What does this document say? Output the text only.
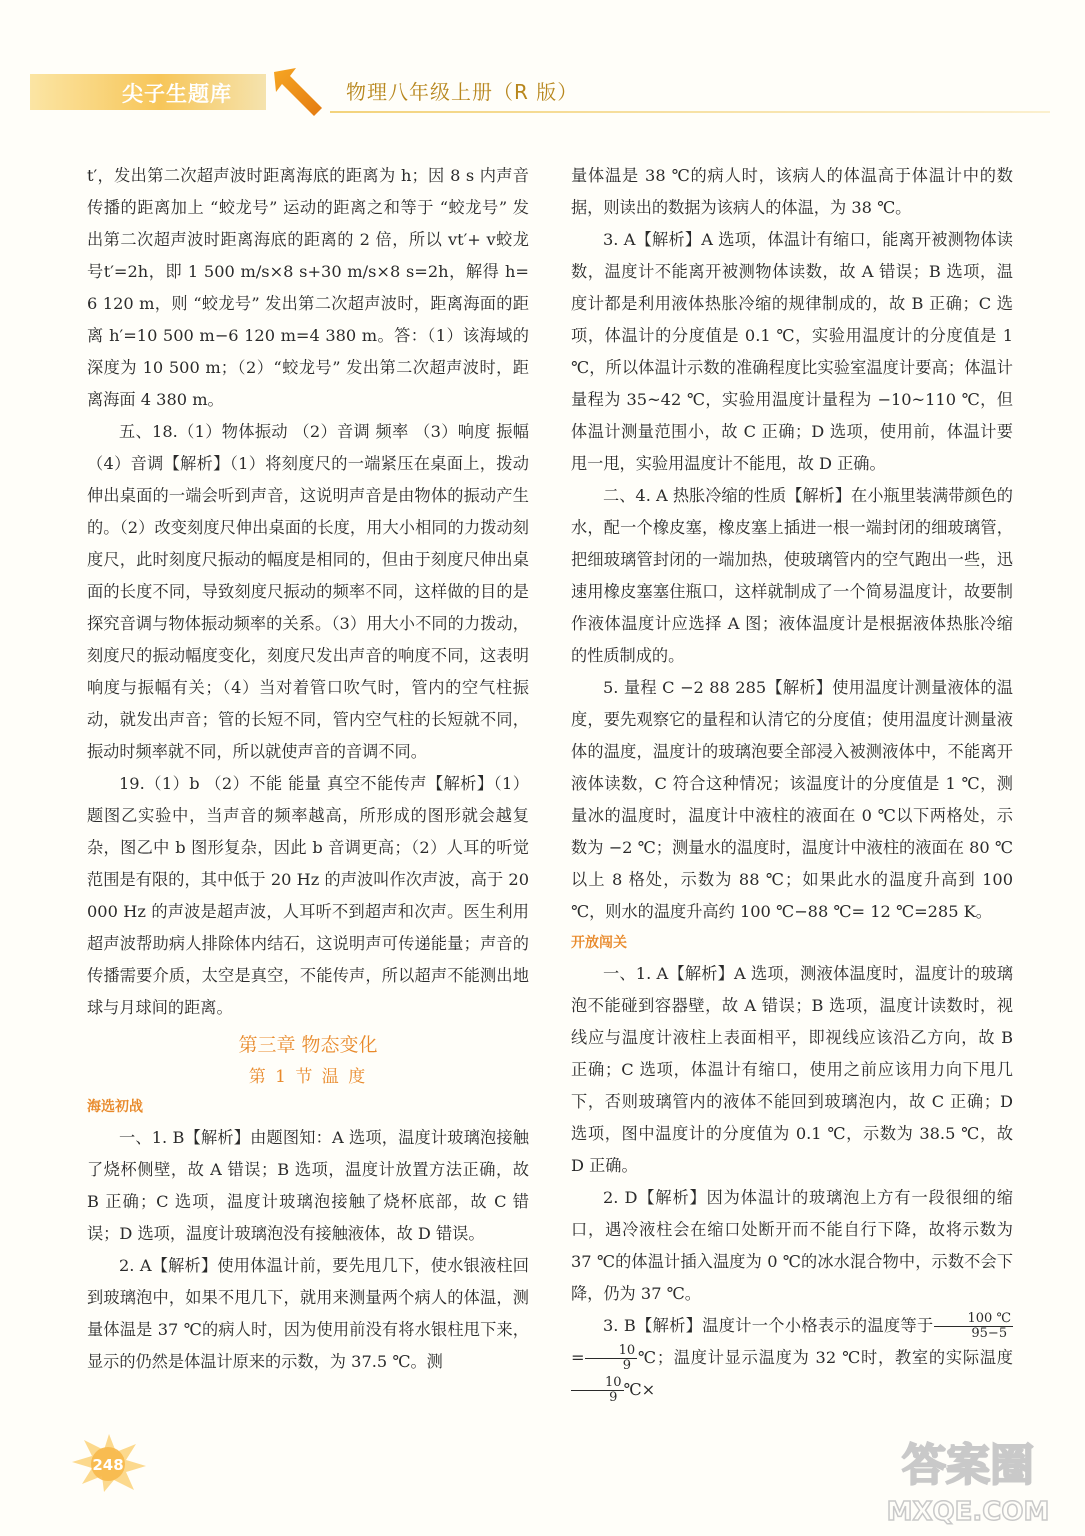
尖子生题库	物理八年级上册（R 版）

t′，发出第二次超声波时距离海底的距离为 h；因 8 s 内声音传播的距离加上 “蛟龙号” 运动的距离之和等于 “蛟龙号” 发出第二次超声波时距离海底的距离的 2 倍，所以 vt′+ v蛟龙号t′=2h，即 1 500 m/s×8 s+30 m/s×8 s=2h，解得 h= 6 120 m，则 “蛟龙号” 发出第二次超声波时，距离海面的距离 h′=10 500 m−6 120 m=4 380 m。答：（1）该海域的深度为 10 500 m；（2）“蛟龙号” 发出第二次超声波时，距离海面 4 380 m。

五、18.（1）物体振动 （2）音调 频率 （3）响度 振幅 （4）音调【解析】（1）将刻度尺的一端紧压在桌面上，拨动伸出桌面的一端会听到声音，这说明声音是由物体的振动产生的。（2）改变刻度尺伸出桌面的长度，用大小相同的力拨动刻度尺，此时刻度尺振动的幅度是相同的，但由于刻度尺伸出桌面的长度不同，导致刻度尺振动的频率不同，这样做的目的是探究音调与物体振动频率的关系。（3）用大小不同的力拨动，刻度尺的振动幅度变化，刻度尺发出声音的响度不同，这表明响度与振幅有关；（4）当对着管口吹气时，管内的空气柱振动，就发出声音；管的长短不同，管内空气柱的长短就不同，振动时频率就不同，所以就使声音的音调不同。

19.（1）b （2）不能 能量 真空不能传声【解析】（1）题图乙实验中，当声音的频率越高，所形成的图形就会越复杂，图乙中 b 图形复杂，因此 b 音调更高；（2）人耳的听觉范围是有限的，其中低于 20 Hz 的声波叫作次声波，高于 20 000 Hz 的声波是超声波，人耳听不到超声和次声。医生利用超声波帮助病人排除体内结石，这说明声可传递能量；声音的传播需要介质，太空是真空，不能传声，所以超声不能测出地球与月球间的距离。

第三章 物态变化
第 1 节 温 度
海选初战

一、1. B【解析】由题图知：A 选项，温度计玻璃泡接触了烧杯侧壁，故 A 错误；B 选项，温度计放置方法正确，故 B 正确；C 选项，温度计玻璃泡接触了烧杯底部，故 C 错误；D 选项，温度计玻璃泡没有接触液体，故 D 错误。

2. A【解析】使用体温计前，要先甩几下，使水银液柱回到玻璃泡中，如果不甩几下，就用来测量两个病人的体温，测量体温是 37 ℃的病人时，因为使用前没有将水银柱甩下来，显示的仍然是体温计原来的示数，为 37.5 ℃。测

量体温是 38 ℃的病人时，该病人的体温高于体温计中的数据，则读出的数据为该病人的体温，为 38 ℃。

3. A【解析】A 选项，体温计有缩口，能离开被测物体读数，温度计不能离开被测物体读数，故 A 错误；B 选项，温度计都是利用液体热胀冷缩的规律制成的，故 B 正确；C 选项，体温计的分度值是 0.1 ℃，实验用温度计的分度值是 1 ℃，所以体温计示数的准确程度比实验室温度计要高；体温计量程为 35~42 ℃，实验用温度计量程为 −10~110 ℃，但体温计测量范围小，故 C 正确；D 选项，使用前，体温计要甩一甩，实验用温度计不能甩，故 D 正确。

二、4. A 热胀冷缩的性质【解析】在小瓶里装满带颜色的水，配一个橡皮塞，橡皮塞上插进一根一端封闭的细玻璃管，把细玻璃管封闭的一端加热，使玻璃管内的空气跑出一些，迅速用橡皮塞塞住瓶口，这样就制成了一个简易温度计，故要制作液体温度计应选择 A 图；液体温度计是根据液体热胀冷缩的性质制成的。

5. 量程 C −2 88 285【解析】使用温度计测量液体的温度，要先观察它的量程和认清它的分度值；使用温度计测量液体的温度，温度计的玻璃泡要全部浸入被测液体中，不能离开液体读数，C 符合这种情况；该温度计的分度值是 1 ℃，测量冰的温度时，温度计中液柱的液面在 0 ℃以下两格处，示数为 −2 ℃；测量水的温度时，温度计中液柱的液面在 80 ℃以上 8 格处，示数为 88 ℃；如果此水的温度升高到 100 ℃，则水的温度升高约 100 ℃−88 ℃= 12 ℃=285 K。

开放闯关

一、1. A【解析】A 选项，测液体温度时，温度计的玻璃泡不能碰到容器壁，故 A 错误；B 选项，温度计读数时，视线应与温度计液柱上表面相平，即视线应该沿乙方向，故 B 正确；C 选项，体温计有缩口，使用之前应该用力向下甩几下，否则玻璃管内的液体不能回到玻璃泡内，故 C 正确；D 选项，图中温度计的分度值为 0.1 ℃，示数为 38.5 ℃，故 D 正确。

2. D【解析】因为体温计的玻璃泡上方有一段很细的缩口，遇冷液柱会在缩口处断开而不能自行下降，故将示数为 37 ℃的体温计插入温度为 0 ℃的冰水混合物中，示数不会下降，仍为 37 ℃。

3. B【解析】温度计一个小格表示的温度等于 $\frac{100 ℃}{95-5}$
= $\frac{10}{9}$ ℃；温度计显示温度为 32 ℃时，教室的实际温度
$\frac{10}{9}$ ℃×

248	答案圈
MXQE.COM
